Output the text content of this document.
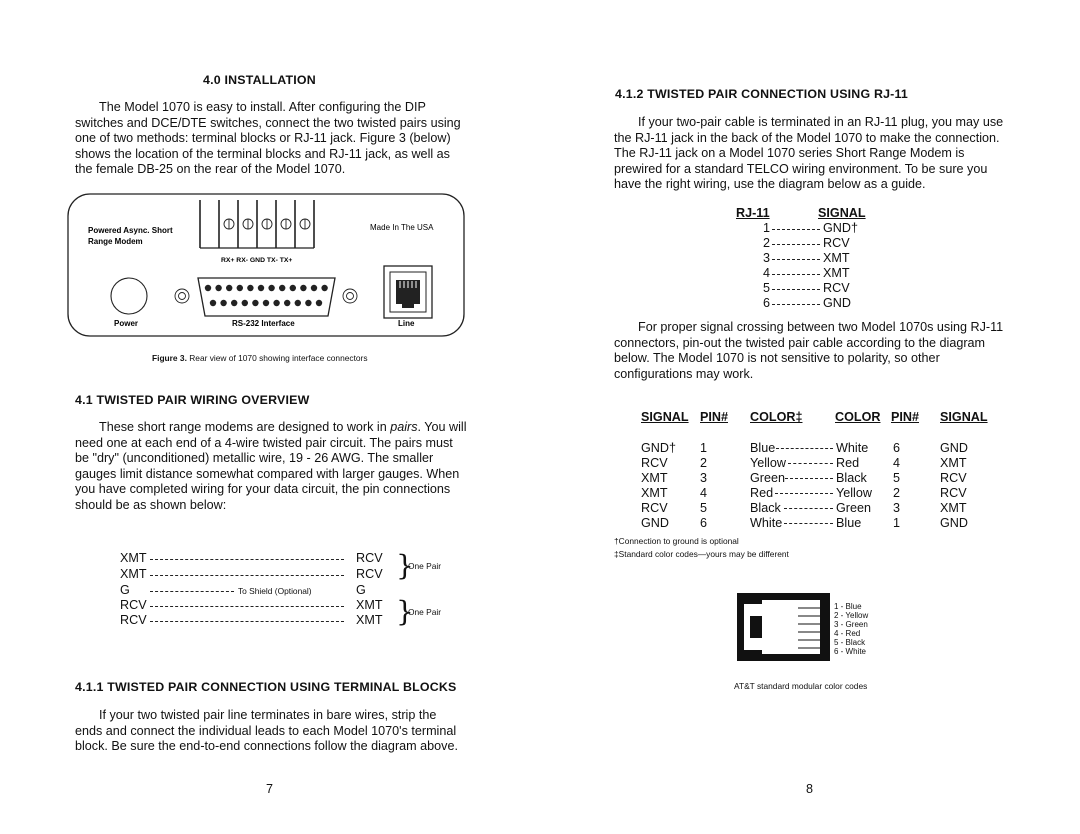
4.0 INSTALLATION
The Model 1070 is easy to install. After configuring the DIP switches and DCE/DTE switches, connect the two twisted pairs using one of two methods: terminal blocks or RJ-11 jack. Figure 3 (below) shows the location of the terminal blocks and RJ-11 jack, as well as the female DB-25 on the rear of the Model 1070.
Powered Async. Short
Range Modem
Made In The USA
RX+ RX- GND TX- TX+
Power	RS-232 Interface	Line
Figure 3. Rear view of 1070 showing interface connectors
4.1 TWISTED PAIR WIRING OVERVIEW
These short range modems are designed to work in pairs. You will need one at each end of a 4-wire twisted pair circuit. The pairs must be "dry" (unconditioned) metallic wire, 19 - 26 AWG. The smaller gauges limit distance somewhat compared with larger gauges. When you have completed wiring for your data circuit, the pin connections should be as shown below:
XMT	RCV
XMT	RCV
G	To Shield (Optional)	G
RCV	XMT
RCV	XMT
}
One Pair
}
One Pair
4.1.1 TWISTED PAIR CONNECTION USING TERMINAL BLOCKS
If your two twisted pair line terminates in bare wires, strip the ends and connect the individual leads to each Model 1070's terminal block. Be sure the end-to-end connections follow the diagram above.
7
4.1.2 TWISTED PAIR CONNECTION USING RJ-11
If your two-pair cable is terminated in an RJ-11 plug, you may use the RJ-11 jack in the back of the Model 1070 to make the connection. The RJ-11 jack on a Model 1070 series Short Range Modem is prewired for a standard TELCO wiring environment. To be sure you have the right wiring, use the diagram below as a guide.
RJ-11	SIGNAL
1	GND†
2	RCV
3	XMT
4	XMT
5	RCV
6	GND
For proper signal crossing between two Model 1070s using RJ-11 connectors, pin-out the twisted pair cable according to the diagram below. The Model 1070 is not sensitive to polarity, so other configurations may work.
SIGNAL PIN# COLOR‡	COLOR PIN# SIGNAL
GND† 1	Blue	White 6	GND
RCV	2	Yellow	Red	4	XMT
XMT	3	Green	Black 5	RCV
XMT	4	Red	Yellow 2	RCV
RCV	5	Black	Green 3	XMT
GND 6	White	Blue	1	GND
†Connection to ground is optional
‡Standard color codes—yours may be different
1 - Blue
2 - Yellow
3 - Green
4 - Red
5 - Black
6 - White
AT&T standard modular color codes
8
